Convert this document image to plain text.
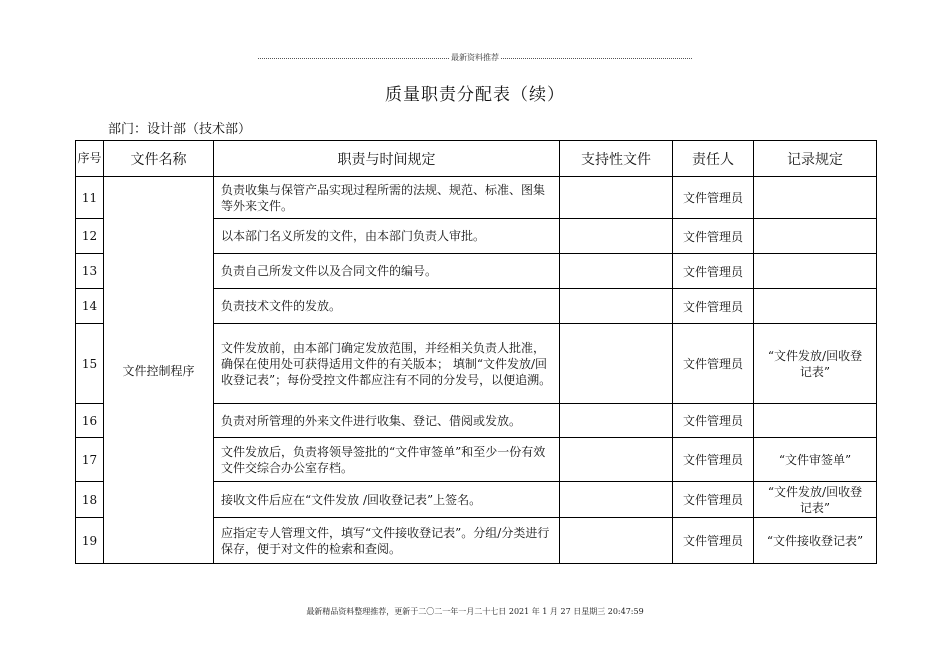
最新资料推荐
质量职责分配表（续）
部门：设计部（技术部）
序号	文件名称	职责与时间规定	支持性文件	责任人	记录规定
11	文件控制程序	负责收集与保管产品实现过程所需的法规、规范、标准、图集等外来文件。		文件管理员	
12		以本部门名义所发的文件，由本部门负责人审批。		文件管理员	
13		负责自己所发文件以及合同文件的编号。		文件管理员	
14		负责技术文件的发放。		文件管理员	
15		文件发放前，由本部门确定发放范围，并经相关负责人批准，确保在使用处可获得适用文件的有关版本； 填制“文件发放/回收登记表”；每份受控文件都应注有不同的分发号，以便追溯。		文件管理员	“文件发放/回收登记表”
16		负责对所管理的外来文件进行收集、登记、借阅或发放。		文件管理员	
17		文件发放后，负责将领导签批的“文件审签单”和至少一份有效文件交综合办公室存档。		文件管理员	“文件审签单”
18		接收文件后应在“文件发放 /回收登记表”上签名。		文件管理员	“文件发放/回收登记表”
19		应指定专人管理文件，填写“文件接收登记表”。分组/分类进行保存，便于对文件的检索和查阅。		文件管理员	“文件接收登记表”
最新精品资料整理推荐，更新于二〇二一年一月二十七日 2021 年 1 月 27 日星期三 20:47:59
